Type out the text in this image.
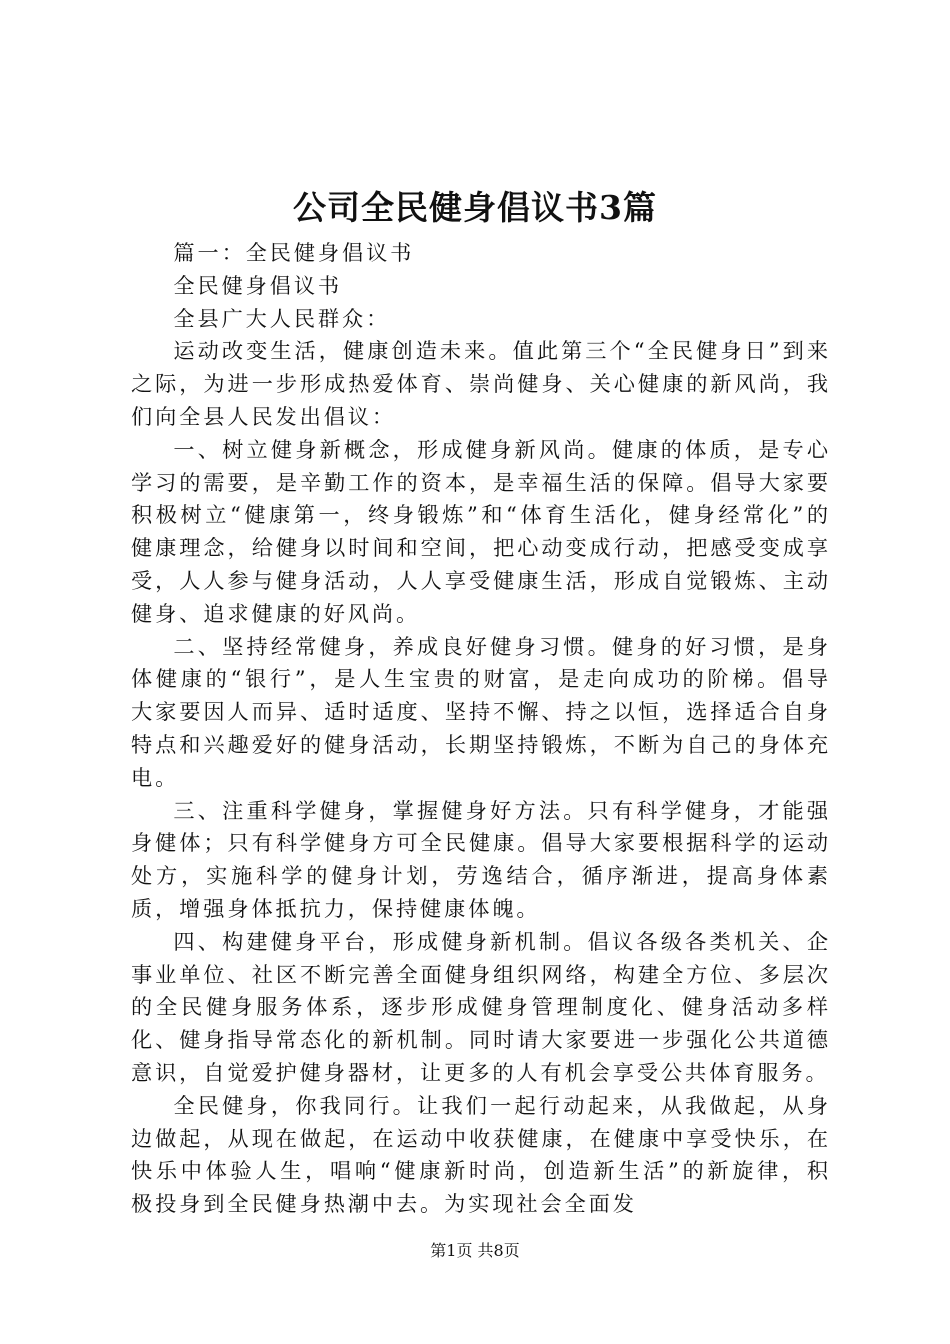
公司全民健身倡议书3篇

篇一：全民健身倡议书

全民健身倡议书

全县广大人民群众：

运动改变生活，健康创造未来。值此第三个“全民健身日”到来之际，为进一步形成热爱体育、崇尚健身、关心健康的新风尚，我们向全县人民发出倡议：

一、树立健身新概念，形成健身新风尚。健康的体质，是专心学习的需要，是辛勤工作的资本，是幸福生活的保障。倡导大家要积极树立“健康第一，终身锻炼”和“体育生活化，健身经常化”的健康理念，给健身以时间和空间，把心动变成行动，把感受变成享受，人人参与健身活动，人人享受健康生活，形成自觉锻炼、主动健身、追求健康的好风尚。

二、坚持经常健身，养成良好健身习惯。健身的好习惯，是身体健康的“银行”，是人生宝贵的财富，是走向成功的阶梯。倡导大家要因人而异、适时适度、坚持不懈、持之以恒，选择适合自身特点和兴趣爱好的健身活动，长期坚持锻炼，不断为自己的身体充电。

三、注重科学健身，掌握健身好方法。只有科学健身，才能强身健体；只有科学健身方可全民健康。倡导大家要根据科学的运动处方，实施科学的健身计划，劳逸结合，循序渐进，提高身体素质，增强身体抵抗力，保持健康体魄。

四、构建健身平台，形成健身新机制。倡议各级各类机关、企事业单位、社区不断完善全面健身组织网络，构建全方位、多层次的全民健身服务体系，逐步形成健身管理制度化、健身活动多样化、健身指导常态化的新机制。同时请大家要进一步强化公共道德意识，自觉爱护健身器材，让更多的人有机会享受公共体育服务。

全民健身，你我同行。让我们一起行动起来，从我做起，从身边做起，从现在做起，在运动中收获健康，在健康中享受快乐，在快乐中体验人生，唱响“健康新时尚，创造新生活”的新旋律，积极投身到全民健身热潮中去。为实现社会全面发

第1页 共8页
